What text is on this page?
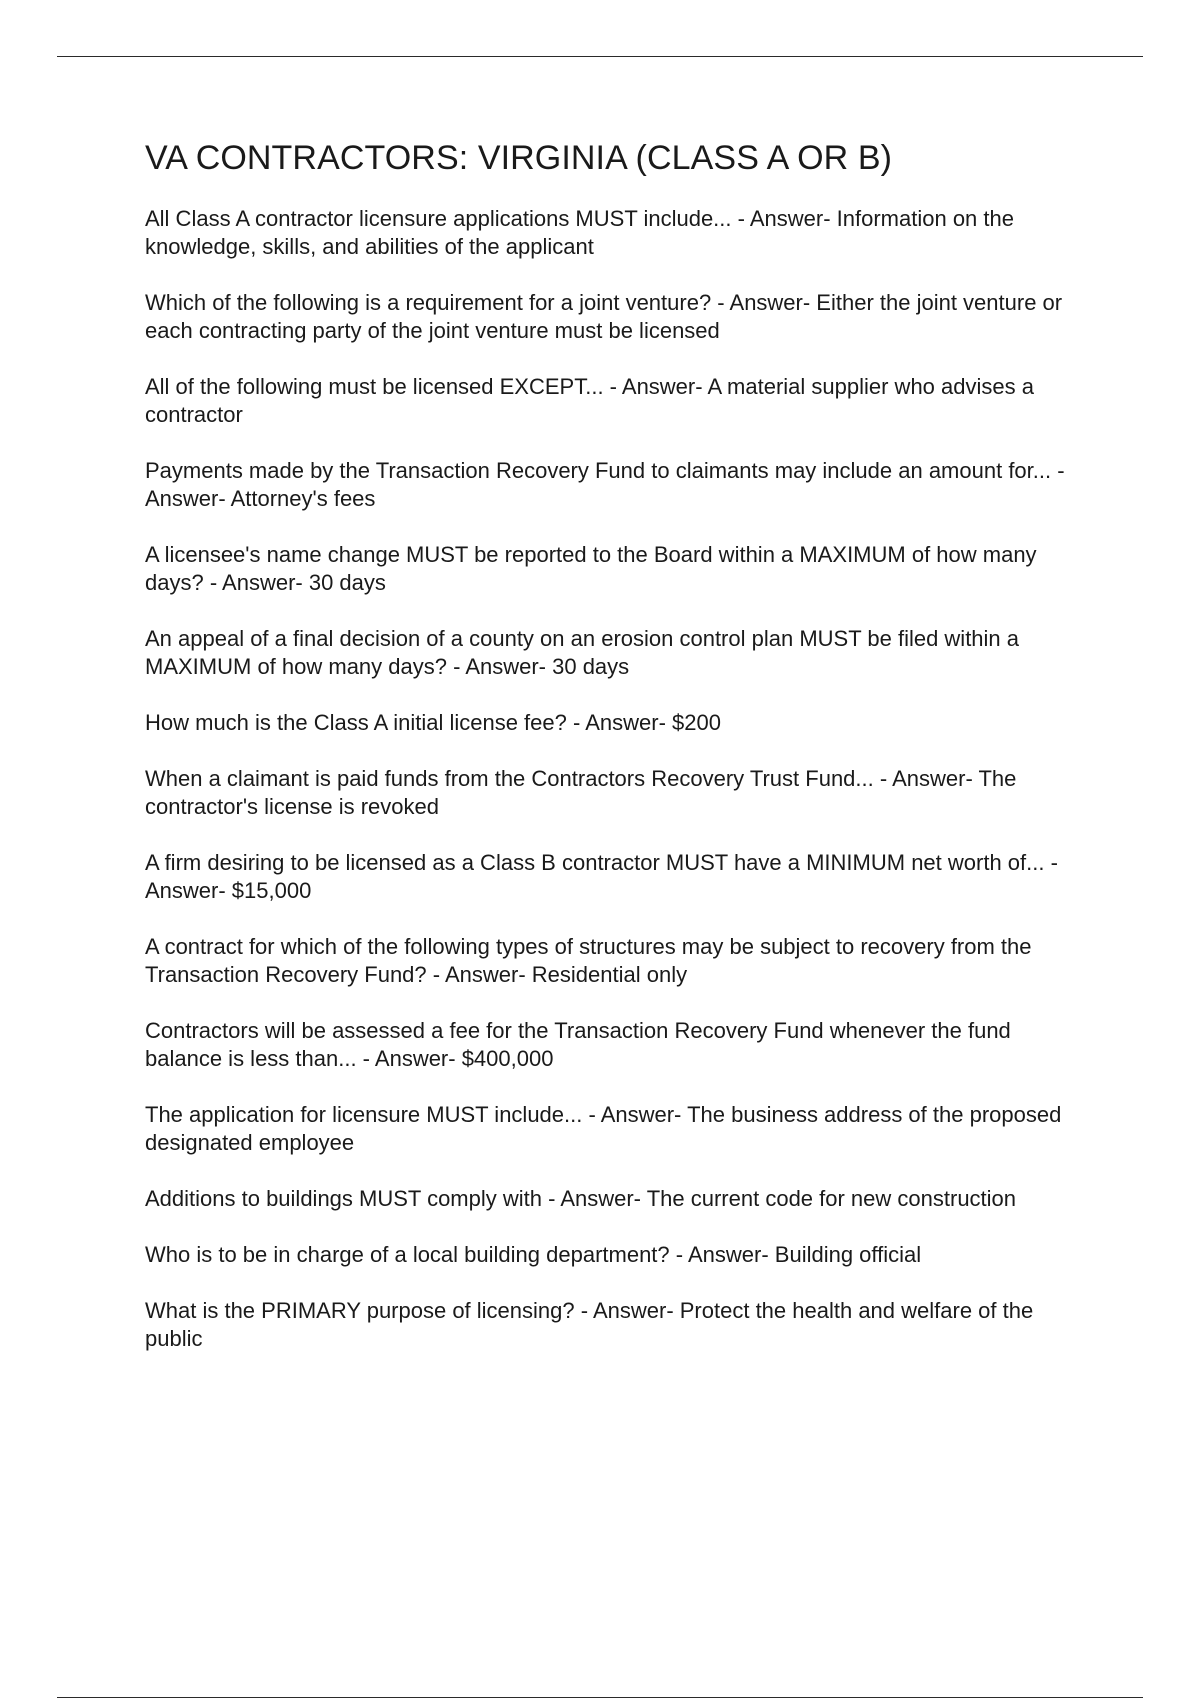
VA CONTRACTORS: VIRGINIA (CLASS A OR B)

All Class A contractor licensure applications MUST include... - Answer- Information on the knowledge, skills, and abilities of the applicant

Which of the following is a requirement for a joint venture? - Answer- Either the joint venture or each contracting party of the joint venture must be licensed

All of the following must be licensed EXCEPT... - Answer- A material supplier who advises a contractor

Payments made by the Transaction Recovery Fund to claimants may include an amount for... - Answer- Attorney's fees

A licensee's name change MUST be reported to the Board within a MAXIMUM of how many days? - Answer- 30 days

An appeal of a final decision of a county on an erosion control plan MUST be filed within a MAXIMUM of how many days? - Answer- 30 days

How much is the Class A initial license fee? - Answer- $200

When a claimant is paid funds from the Contractors Recovery Trust Fund... - Answer- The contractor's license is revoked

A firm desiring to be licensed as a Class B contractor MUST have a MINIMUM net worth of... - Answer- $15,000

A contract for which of the following types of structures may be subject to recovery from the Transaction Recovery Fund? - Answer- Residential only

Contractors will be assessed a fee for the Transaction Recovery Fund whenever the fund balance is less than... - Answer- $400,000

The application for licensure MUST include... - Answer- The business address of the proposed designated employee

Additions to buildings MUST comply with - Answer- The current code for new construction

Who is to be in charge of a local building department? - Answer- Building official

What is the PRIMARY purpose of licensing? - Answer- Protect the health and welfare of the public
